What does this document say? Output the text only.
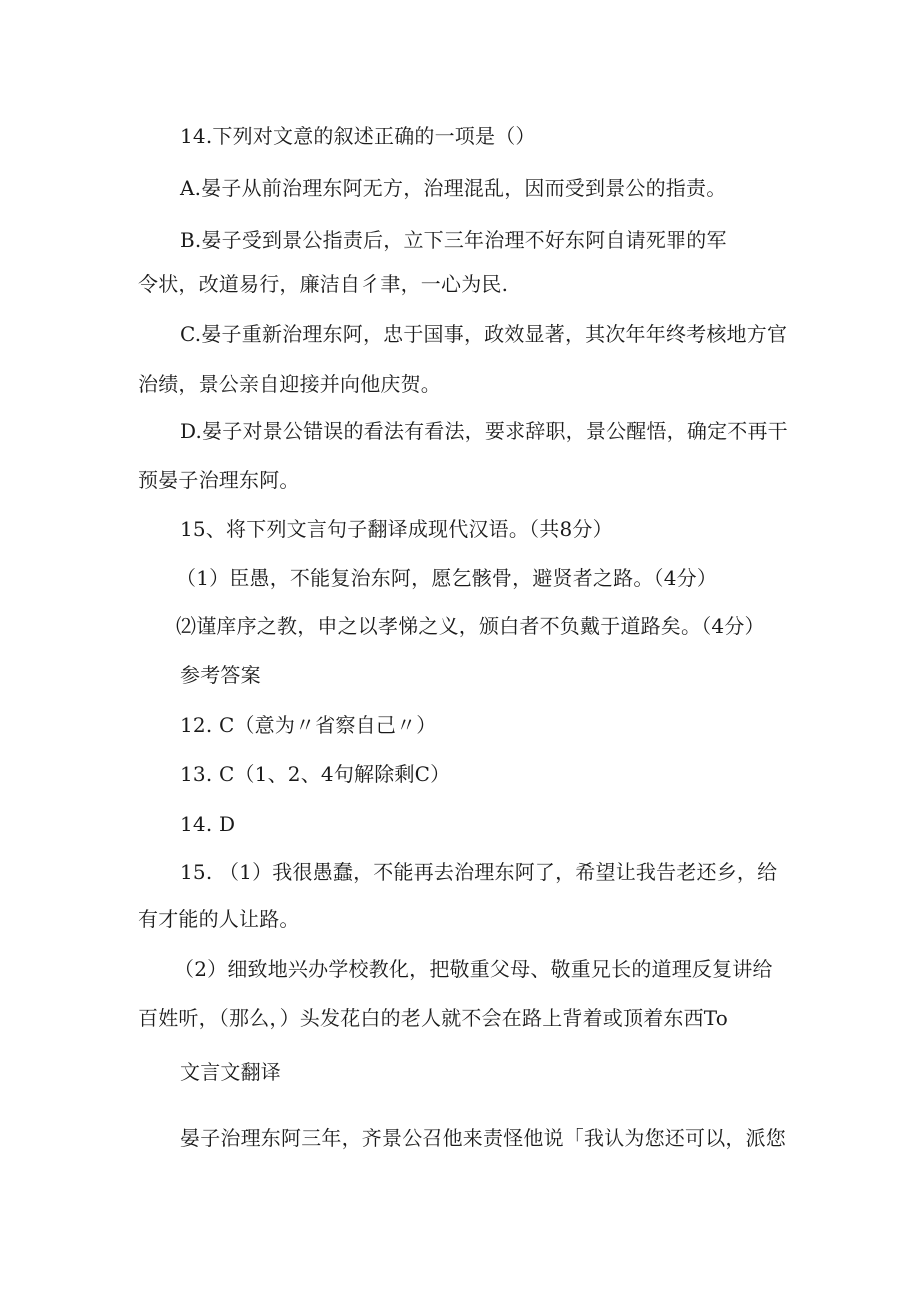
14.下列对文意的叙述正确的一项是（）

A.晏子从前治理东阿无方，治理混乱，因而受到景公的指责。

B.晏子受到景公指责后，立下三年治理不好东阿自请死罪的军

令状，改道易行，廉洁自彳聿，一心为民.

C.晏子重新治理东阿，忠于国事，政效显著，其次年年终考核地方官

治绩，景公亲自迎接并向他庆贺。

D.晏子对景公错误的看法有看法，要求辞职，景公醒悟，确定不再干

预晏子治理东阿。

15、将下列文言句子翻译成现代汉语。（共8分）

（1）臣愚，不能复治东阿，愿乞骸骨，避贤者之路。（4分）

⑵谨庠序之教，申之以孝悌之义，颁白者不负戴于道路矣。（4分）

参考答案

12. C（意为〃省察自己〃）

13. C（1、2、4句解除剩C）

14. D

15. （1）我很愚蠢，不能再去治理东阿了，希望让我告老还乡，给

有才能的人让路。

（2）细致地兴办学校教化，把敬重父母、敬重兄长的道理反复讲给

百姓听，（那么，）头发花白的老人就不会在路上背着或顶着东西To

文言文翻译

晏子治理东阿三年，齐景公召他来责怪他说「我认为您还可以，派您
